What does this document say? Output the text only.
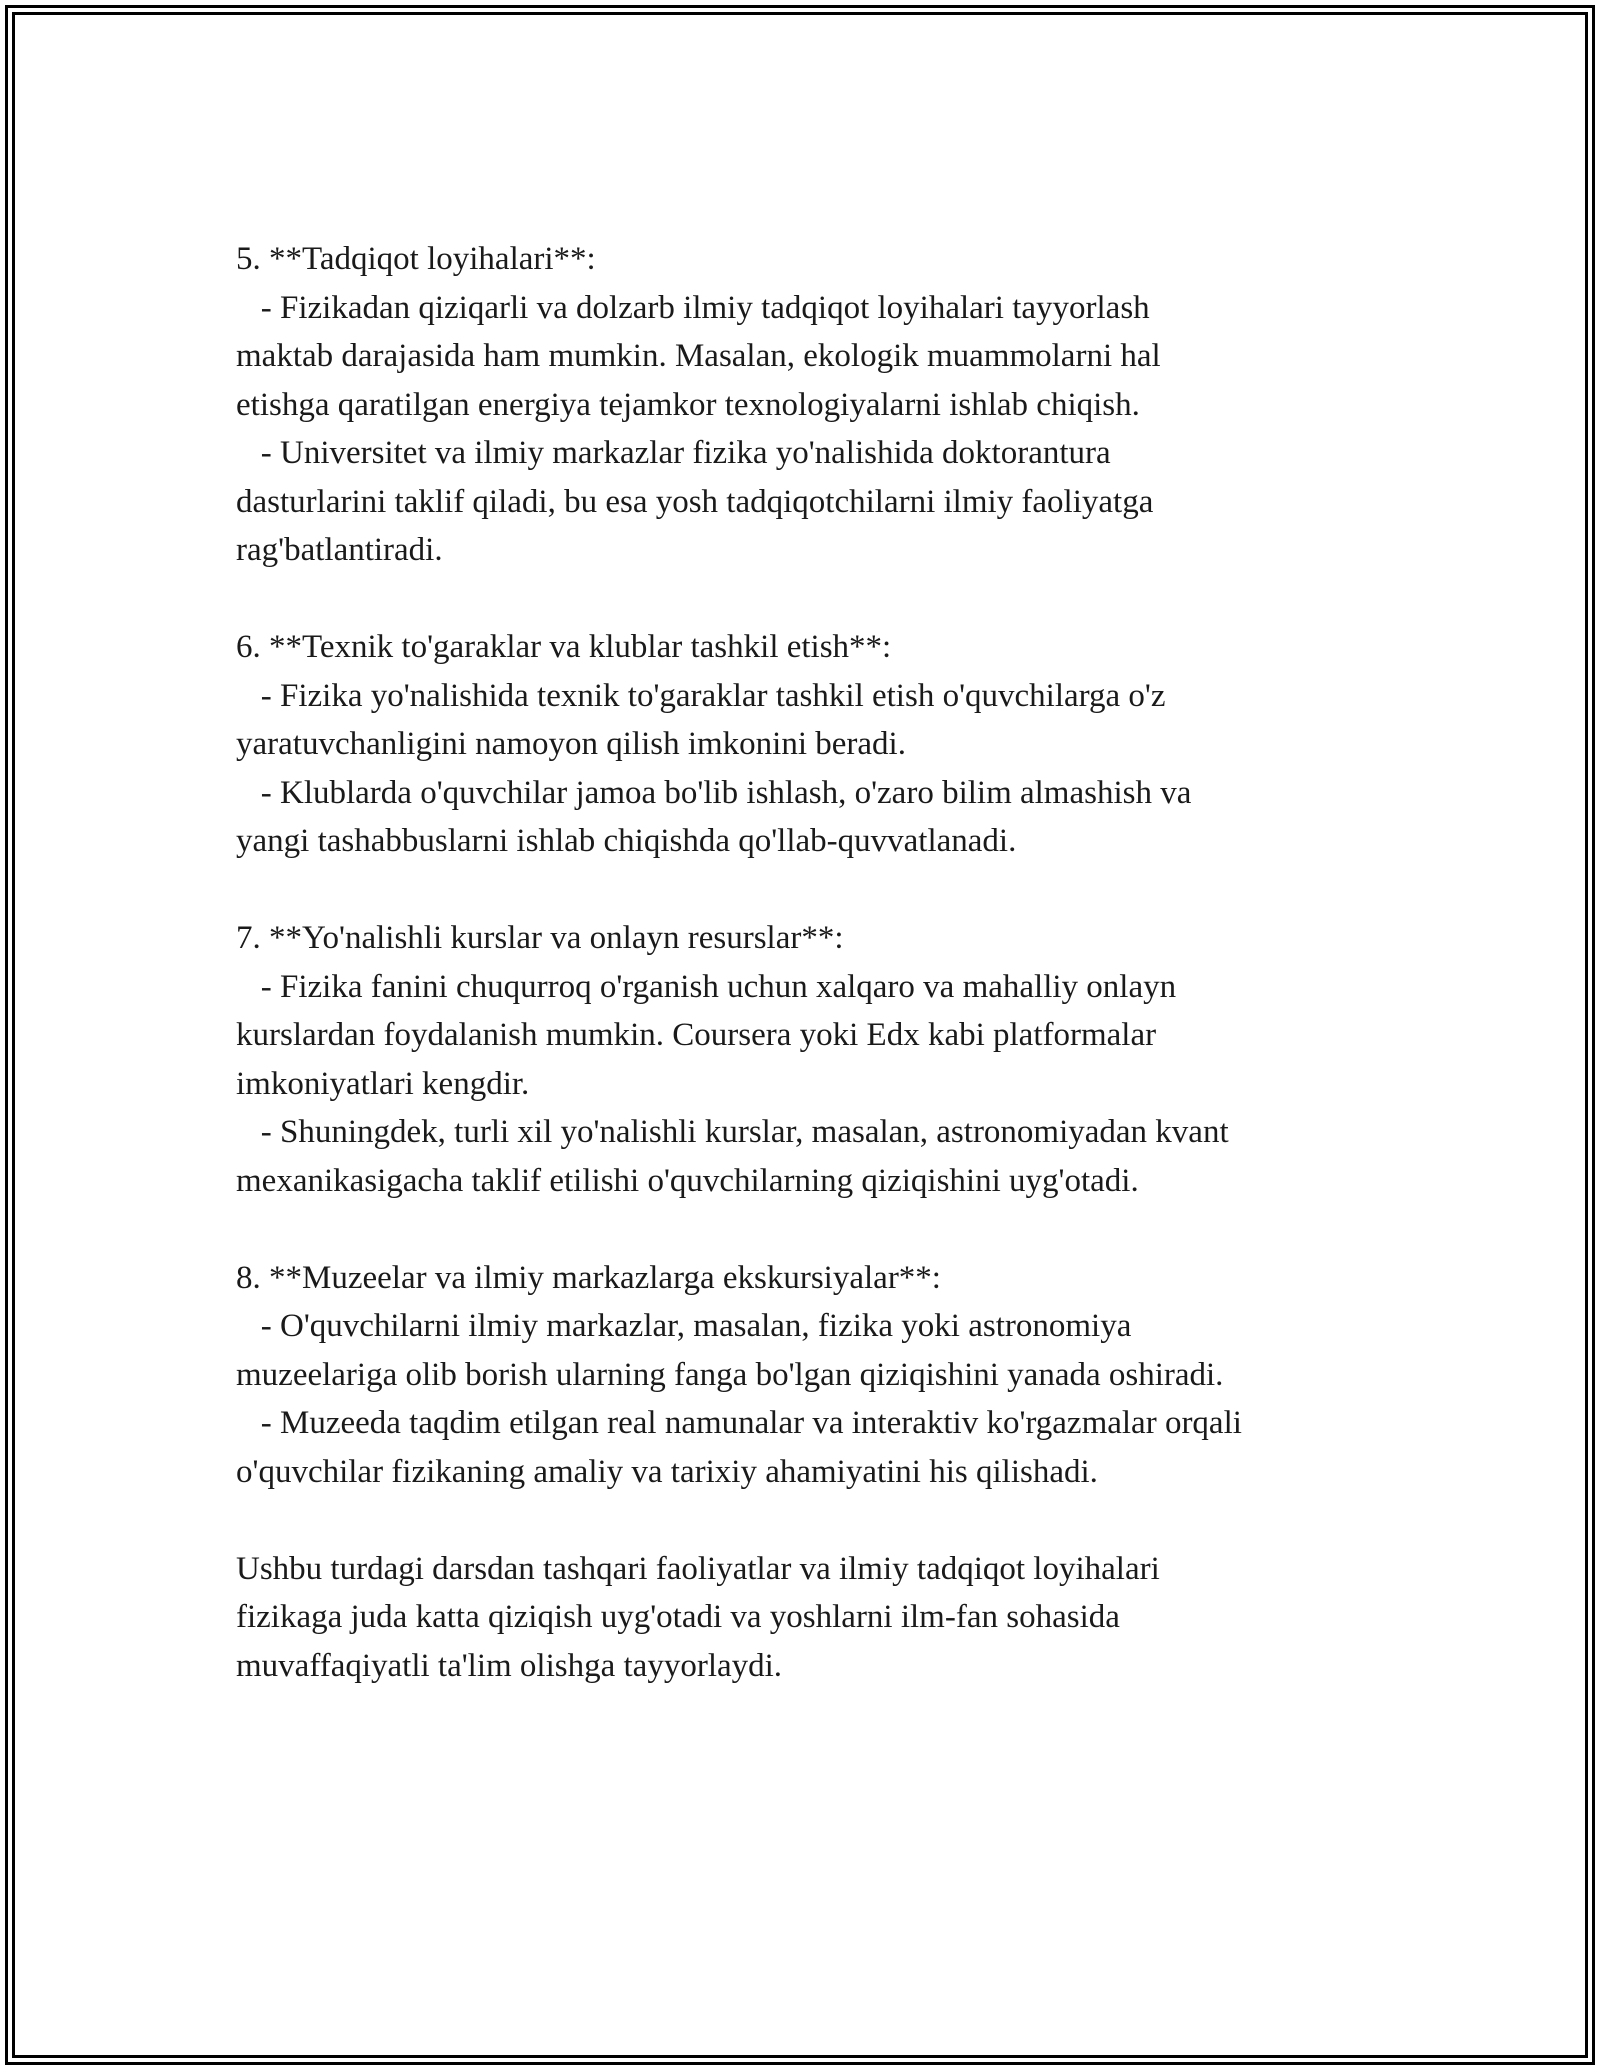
5. **Tadqiqot loyihalari**:
- Fizikadan qiziqarli va dolzarb ilmiy tadqiqot loyihalari tayyorlash
maktab darajasida ham mumkin. Masalan, ekologik muammolarni hal
etishga qaratilgan energiya tejamkor texnologiyalarni ishlab chiqish.
- Universitet va ilmiy markazlar fizika yo'nalishida doktorantura
dasturlarini taklif qiladi, bu esa yosh tadqiqotchilarni ilmiy faoliyatga
rag'batlantiradi.
6. **Texnik to'garaklar va klublar tashkil etish**:
- Fizika yo'nalishida texnik to'garaklar tashkil etish o'quvchilarga o'z
yaratuvchanligini namoyon qilish imkonini beradi.
- Klublarda o'quvchilar jamoa bo'lib ishlash, o'zaro bilim almashish va
yangi tashabbuslarni ishlab chiqishda qo'llab-quvvatlanadi.
7. **Yo'nalishli kurslar va onlayn resurslar**:
- Fizika fanini chuqurroq o'rganish uchun xalqaro va mahalliy onlayn
kurslardan foydalanish mumkin. Coursera yoki Edx kabi platformalar
imkoniyatlari kengdir.
- Shuningdek, turli xil yo'nalishli kurslar, masalan, astronomiyadan kvant
mexanikasigacha taklif etilishi o'quvchilarning qiziqishini uyg'otadi.
8. **Muzeelar va ilmiy markazlarga ekskursiyalar**:
- O'quvchilarni ilmiy markazlar, masalan, fizika yoki astronomiya
muzeelariga olib borish ularning fanga bo'lgan qiziqishini yanada oshiradi.
- Muzeeda taqdim etilgan real namunalar va interaktiv ko'rgazmalar orqali
o'quvchilar fizikaning amaliy va tarixiy ahamiyatini his qilishadi.
Ushbu turdagi darsdan tashqari faoliyatlar va ilmiy tadqiqot loyihalari
fizikaga juda katta qiziqish uyg'otadi va yoshlarni ilm-fan sohasida
muvaffaqiyatli ta'lim olishga tayyorlaydi.
